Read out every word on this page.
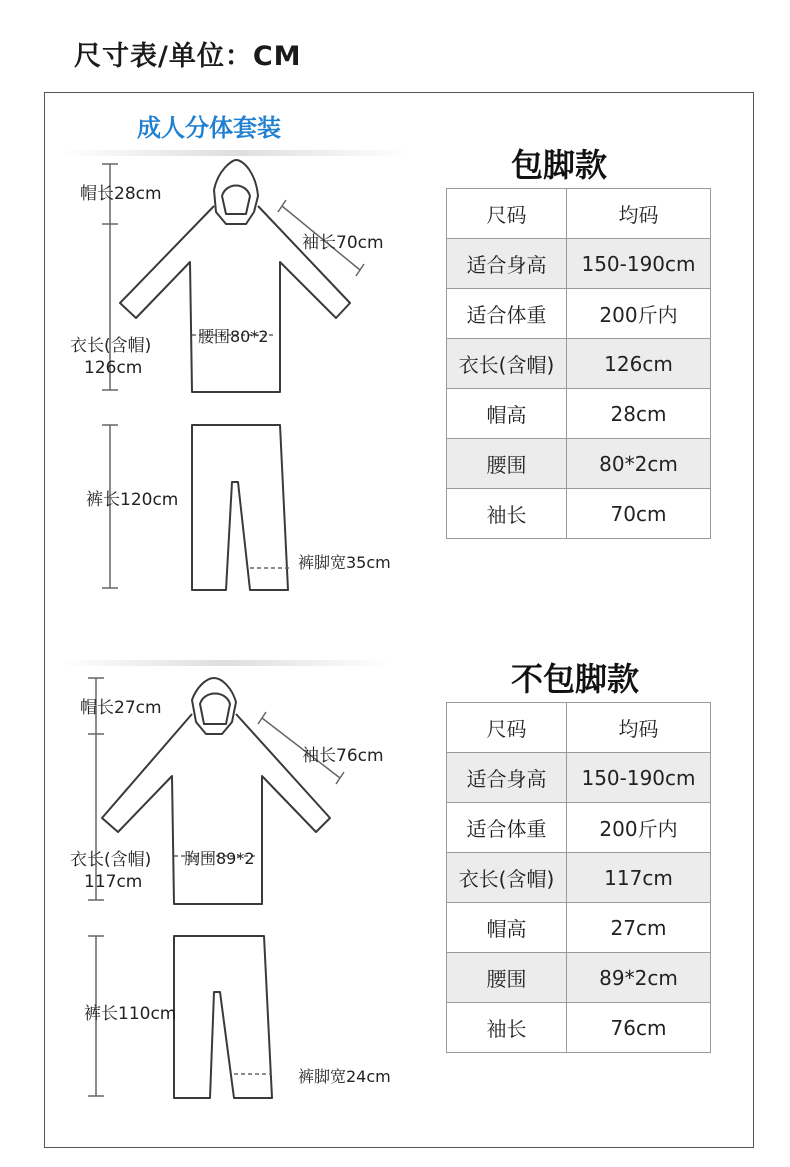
尺寸表/单位：CM
成人分体套装
包脚款
尺码	均码
适合身高	150-190cm
适合体重	200斤内
衣长(含帽)	126cm
帽高	28cm
腰围	80*2cm
袖长	70cm
不包脚款
尺码	均码
适合身高	150-190cm
适合体重	200斤内
衣长(含帽)	117cm
帽高	27cm
腰围	89*2cm
袖长	76cm
帽长28cm
袖长70cm
腰围80*2
衣长(含帽)
126cm
裤长120cm
裤脚宽35cm
帽长27cm
袖长76cm
胸围89*2
衣长(含帽)
117cm
裤长110cm
裤脚宽24cm
